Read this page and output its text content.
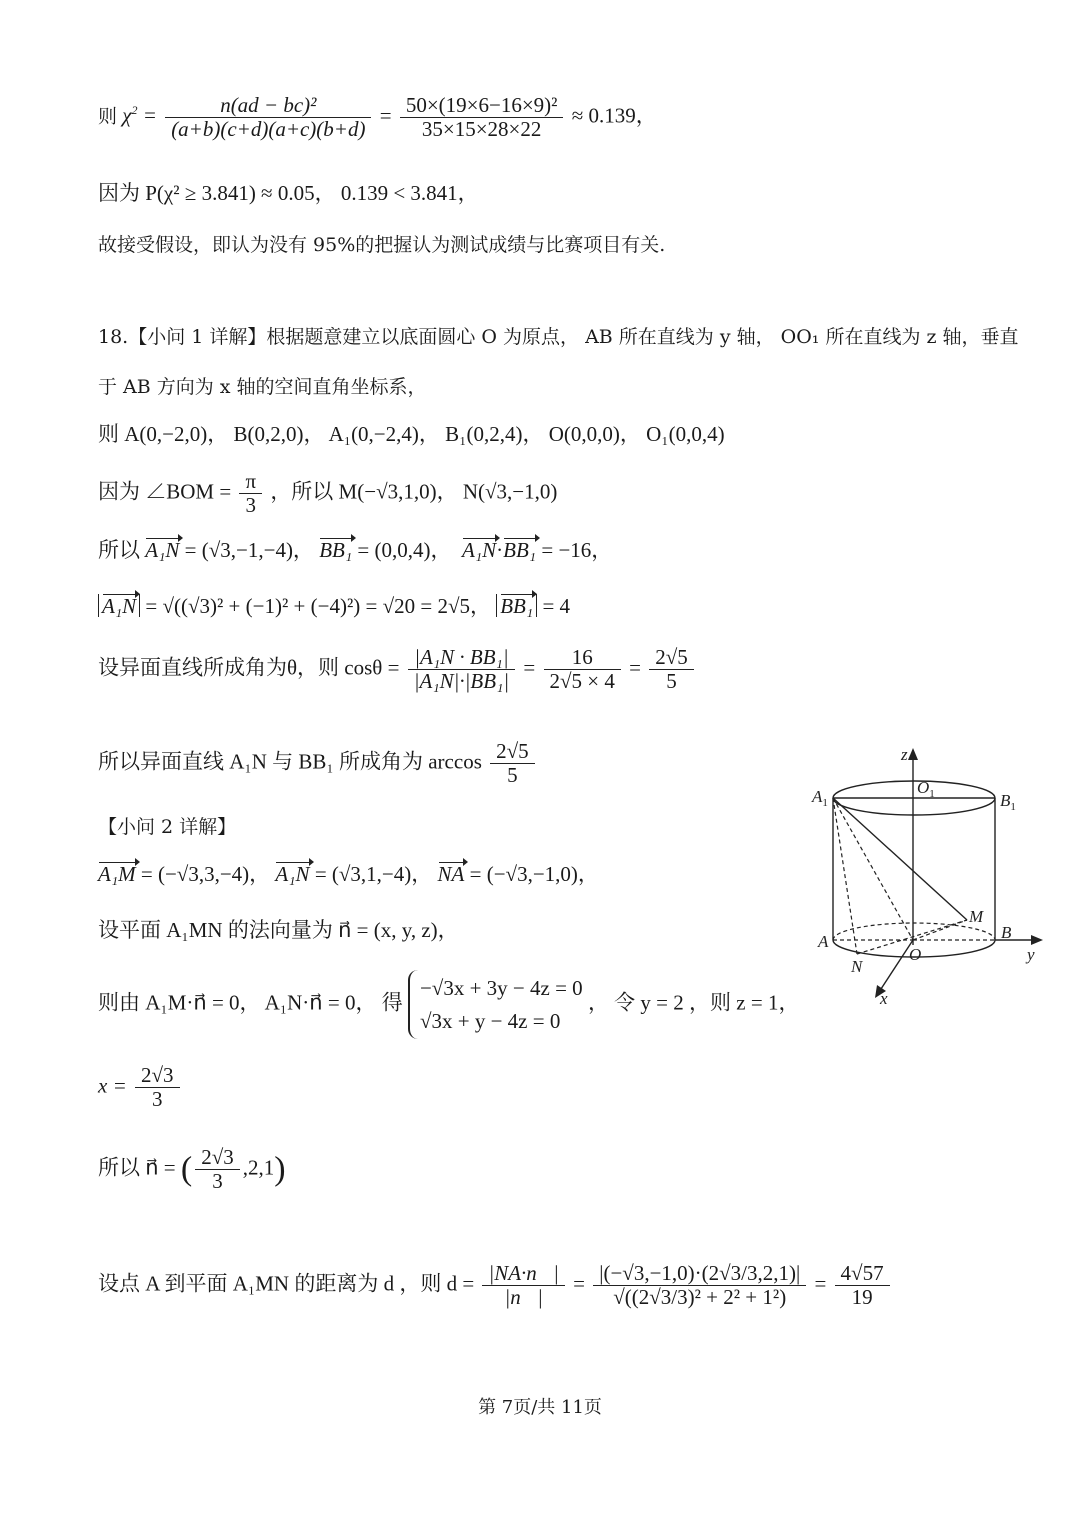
则 $\chi^2 = \frac{\text{n(ad − bc)²}}{(a+b)(c+d)(a+c)(b+d)} = \frac{\text{50×(19×6−16×9)²}}{35\times 15\times 28\times 22} \approx 0.139$，
因为 P(χ² ≥ 3.841) ≈ 0.05， 0.139 < 3.841，
故接受假设，即认为没有 95%的把握认为测试成绩与比赛项目有关.
18.【小问 1 详解】根据题意建立以底面圆心 O 为原点， AB 所在直线为 y 轴， OO₁ 所在直线为 z 轴，垂直
于 AB 方向为 x 轴的空间直角坐标系，
则 A(0,−2,0)， B(0,2,0)， A₁(0,−2,4)， B₁(0,2,4)， O(0,0,0)， O₁(0,0,4)
因为 ∠BOM = $\frac{\pi}{3}$ ，所以 M(−√3,1,0)， N(√3,−1,0)
所以 A₁N = (√3,−1,−4)， BB₁ = (0,0,4)， A₁N·BB₁ = −16，
A₁N = √((√3)² + (−1)² + (−4)²) = √20 = 2√5， BB₁ = 4
设异面直线所成角为θ，则 $\cos\theta = \frac{\text{|A₁N · BB₁|}}{\text{|A₁N|·|BB₁|}} = \frac{16}{2√5 \times 4} = \frac{2√5}{5}$
所以异面直线 A₁N 与 BB₁ 所成角为 $\arccos \frac{2√5}{5}$
【小问 2 详解】
A₁M = (−√3,3,−4)， A₁N = (√3,1,−4)， NA = (−√3,−1,0)，
设平面 A₁MN 的法向量为 n⃗ = (x, y, z)，
则由 A₁M·n⃗ = 0， A₁N·n⃗ = 0， 得
−√3x + 3y − 4z = 0
√3x + y − 4z = 0
， 令 y = 2 ，则 z = 1，
$x = \frac{2√3}{3}$
所以 n⃗ = ( $\frac{2√3}{3} ,2,1$)
设点 A 到平面 A₁MN 的距离为 d ，则 $d = \frac{|NA\cdot n⃗|}{|n⃗|} = \frac{|(-√3,-1,0)\cdot(2√3/3,2,1)|}{\text{√((2√3/3)² + 2² + 1²)}} = \frac{4√57}{19}$
z
$O_1$
$A_1$	$B_1$
M
A	B
O
N
y
x
第 7页/共 11页
